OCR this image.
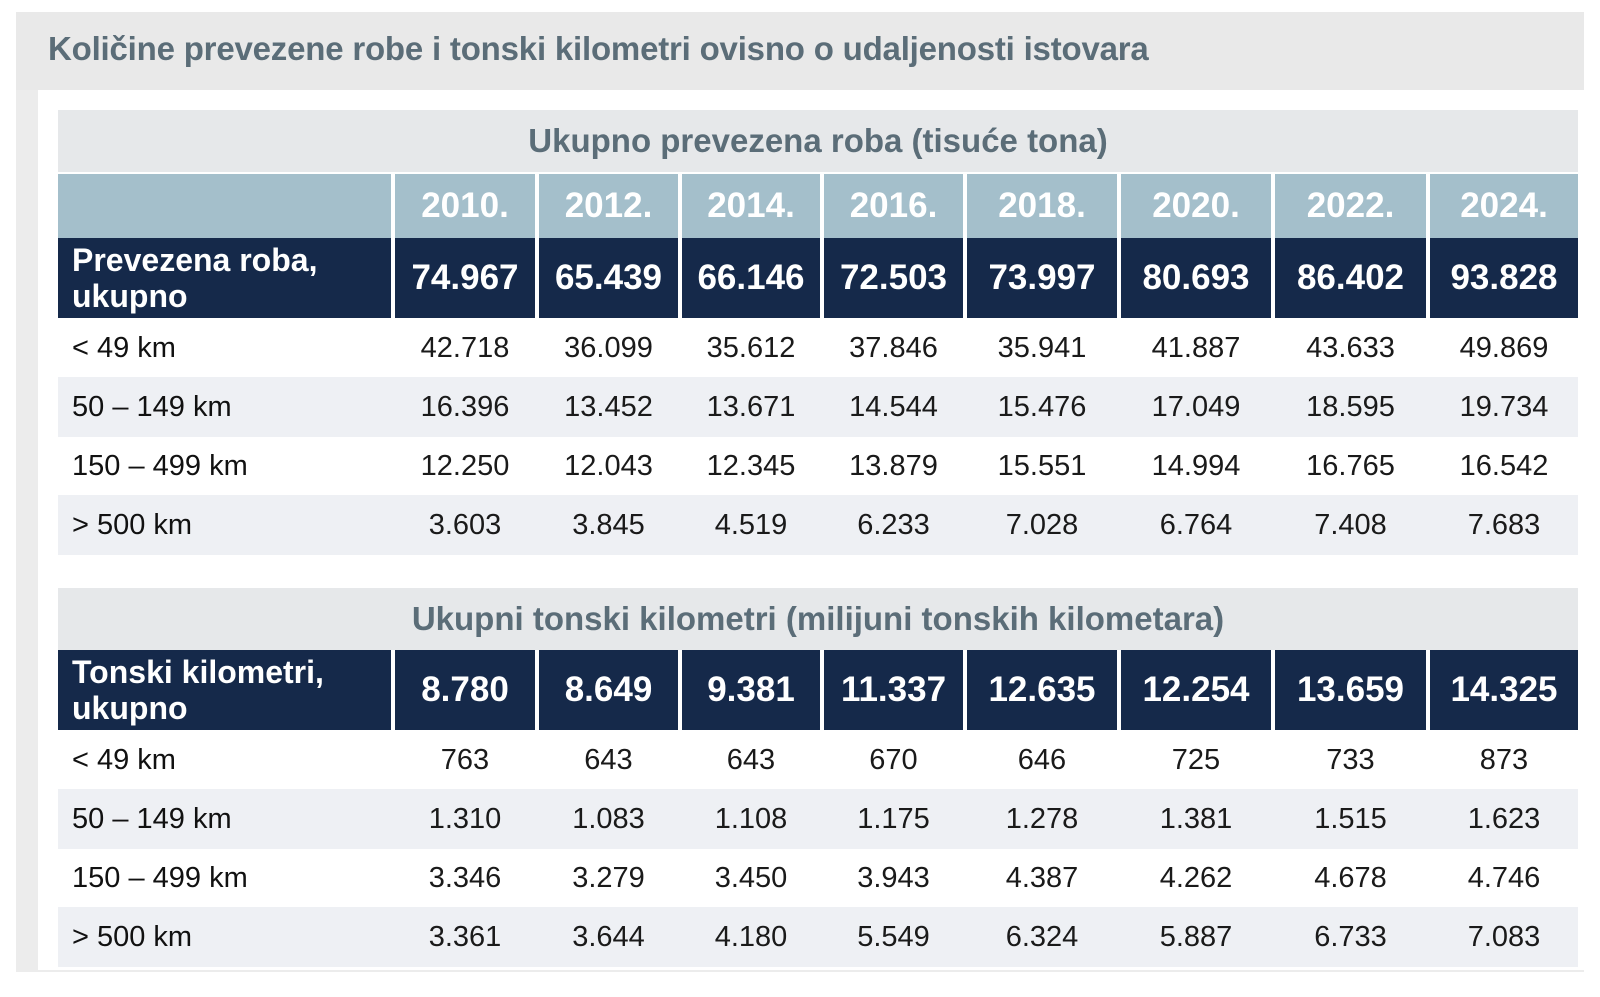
Količine prevezene robe i tonski kilometri ovisno o udaljenosti istovara
Ukupno prevezena roba (tisuće tona)
2010.	2012.	2014.	2016.	2018.	2020.	2022.	2024.
Prevezena roba,
ukupno	74.967	65.439	66.146	72.503	73.997	80.693	86.402	93.828
< 49 km	42.718	36.099	35.612	37.846	35.941	41.887	43.633	49.869
50 – 149 km	16.396	13.452	13.671	14.544	15.476	17.049	18.595	19.734
150 – 499 km	12.250	12.043	12.345	13.879	15.551	14.994	16.765	16.542
> 500 km	3.603	3.845	4.519	6.233	7.028	6.764	7.408	7.683
Ukupni tonski kilometri (milijuni tonskih kilometara)
Tonski kilometri,
ukupno	8.780	8.649	9.381	11.337	12.635	12.254	13.659	14.325
< 49 km	763	643	643	670	646	725	733	873
50 – 149 km	1.310	1.083	1.108	1.175	1.278	1.381	1.515	1.623
150 – 499 km	3.346	3.279	3.450	3.943	4.387	4.262	4.678	4.746
> 500 km	3.361	3.644	4.180	5.549	6.324	5.887	6.733	7.083
